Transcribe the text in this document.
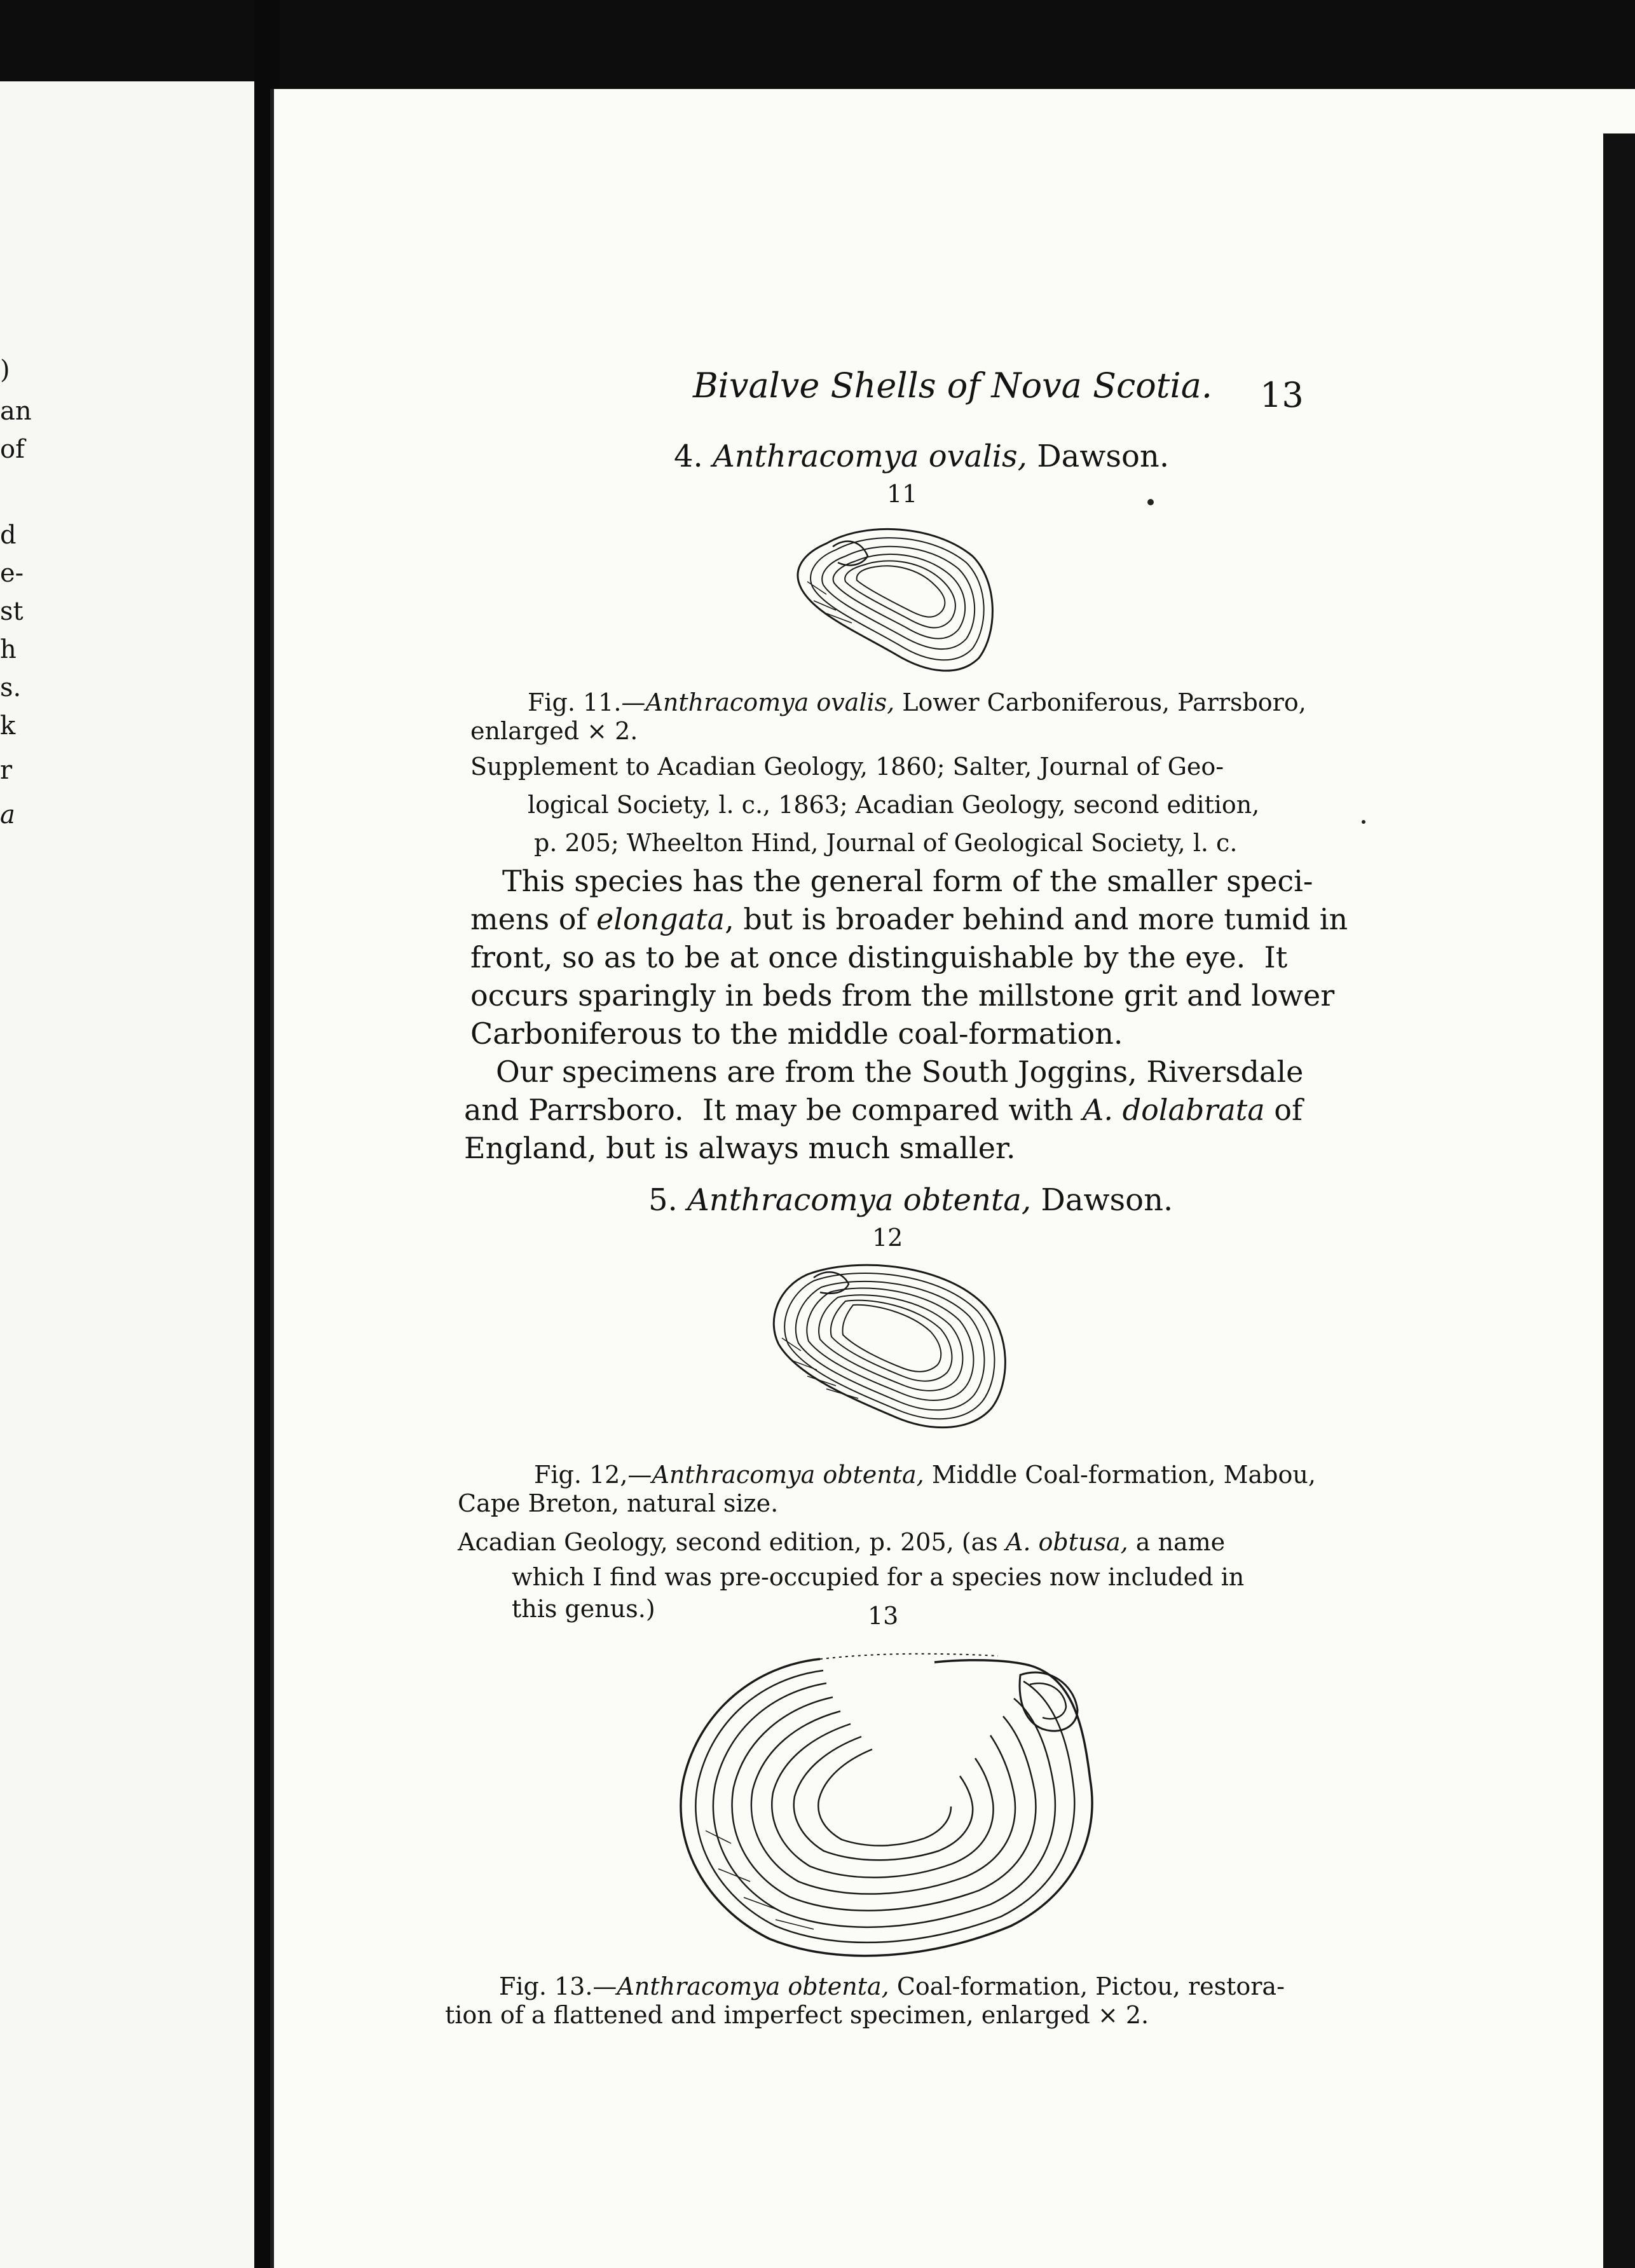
)
an
of
d
e-
st
h
s.
k
r
a
Bivalve Shells of Nova Scotia. 13
4. Anthracomya ovalis, Dawson.
11
Fig. 11.—Anthracomya ovalis, Lower Carboniferous, Parrsboro,
enlarged × 2.
Supplement to Acadian Geology, 1860; Salter, Journal of Geo-
logical Society, l. c., 1863; Acadian Geology, second edition,
p. 205; Wheelton Hind, Journal of Geological Society, l. c.
This species has the general form of the smaller speci-
mens of elongata, but is broader behind and more tumid in
front, so as to be at once distinguishable by the eye.  It
occurs sparingly in beds from the millstone grit and lower
Carboniferous to the middle coal-formation.
Our specimens are from the South Joggins, Riversdale
and Parrsboro.  It may be compared with A. dolabrata of
England, but is always much smaller.
5. Anthracomya obtenta, Dawson.
12
Fig. 12,—Anthracomya obtenta, Middle Coal-formation, Mabou,
Cape Breton, natural size.
Acadian Geology, second edition, p. 205, (as A. obtusa, a name
which I find was pre-occupied for a species now included in
this genus.)	13
Fig. 13.—Anthracomya obtenta, Coal-formation, Pictou, restora-
tion of a flattened and imperfect specimen, enlarged × 2.
